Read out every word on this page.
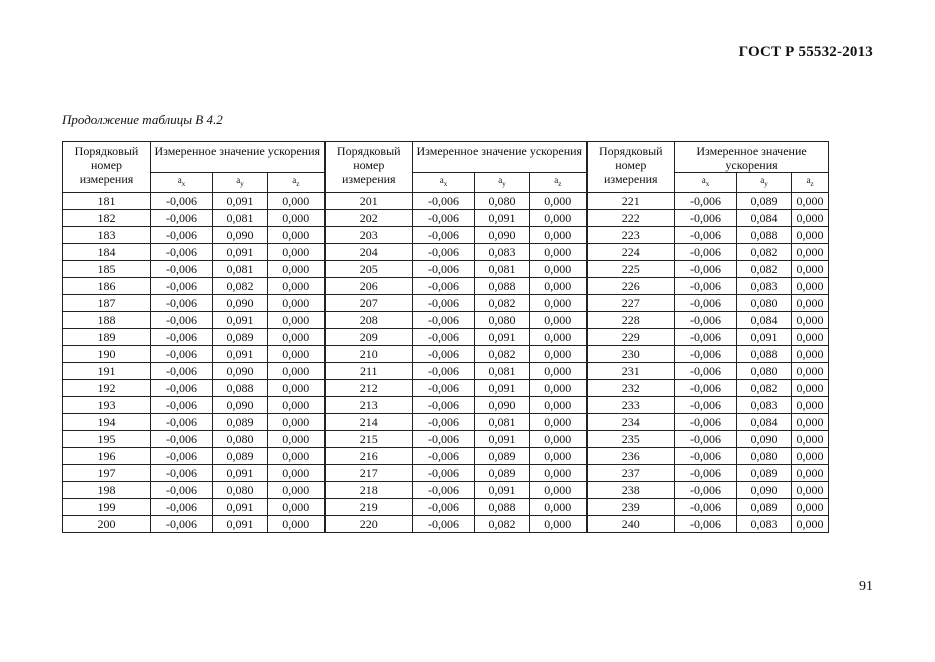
ГОСТ Р 55532-2013
Продолжение таблицы В 4.2
Порядковый номер измерения	Измеренное значение ускорения			Порядковый номер измерения	Измеренное значение ускорения			Порядковый номер измерения	Измеренное значение ускорения		
	$a_x$	$a_y$	$a_z$		$a_x$	$a_y$	$a_z$		$a_x$	$a_y$	$a_z$
181	-0,006	0,091	0,000	201	-0,006	0,080	0,000	221	-0,006	0,089	0,000
182	-0,006	0,081	0,000	202	-0,006	0,091	0,000	222	-0,006	0,084	0,000
183	-0,006	0,090	0,000	203	-0,006	0,090	0,000	223	-0,006	0,088	0,000
184	-0,006	0,091	0,000	204	-0,006	0,083	0,000	224	-0,006	0,082	0,000
185	-0,006	0,081	0,000	205	-0,006	0,081	0,000	225	-0,006	0,082	0,000
186	-0,006	0,082	0,000	206	-0,006	0,088	0,000	226	-0,006	0,083	0,000
187	-0,006	0,090	0,000	207	-0,006	0,082	0,000	227	-0,006	0,080	0,000
188	-0,006	0,091	0,000	208	-0,006	0,080	0,000	228	-0,006	0,084	0,000
189	-0,006	0,089	0,000	209	-0,006	0,091	0,000	229	-0,006	0,091	0,000
190	-0,006	0,091	0,000	210	-0,006	0,082	0,000	230	-0,006	0,088	0,000
191	-0,006	0,090	0,000	211	-0,006	0,081	0,000	231	-0,006	0,080	0,000
192	-0,006	0,088	0,000	212	-0,006	0,091	0,000	232	-0,006	0,082	0,000
193	-0,006	0,090	0,000	213	-0,006	0,090	0,000	233	-0,006	0,083	0,000
194	-0,006	0,089	0,000	214	-0,006	0,081	0,000	234	-0,006	0,084	0,000
195	-0,006	0,080	0,000	215	-0,006	0,091	0,000	235	-0,006	0,090	0,000
196	-0,006	0,089	0,000	216	-0,006	0,089	0,000	236	-0,006	0,080	0,000
197	-0,006	0,091	0,000	217	-0,006	0,089	0,000	237	-0,006	0,089	0,000
198	-0,006	0,080	0,000	218	-0,006	0,091	0,000	238	-0,006	0,090	0,000
199	-0,006	0,091	0,000	219	-0,006	0,088	0,000	239	-0,006	0,089	0,000
200	-0,006	0,091	0,000	220	-0,006	0,082	0,000	240	-0,006	0,083	0,000
91
